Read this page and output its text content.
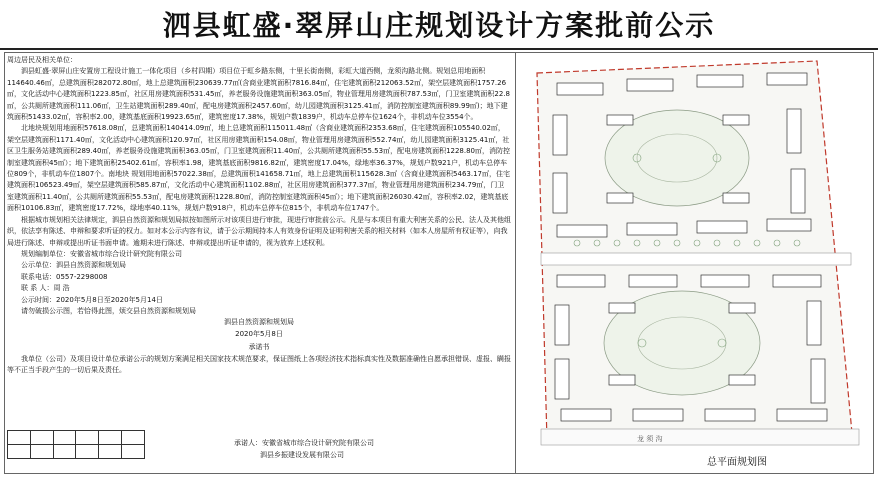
泗县虹盛·翠屏山庄规划设计方案批前公示

周边居民及相关单位：

泗县虹盛·翠屏山庄安置房工程设计施工一体化项目（乡村四期）项目位于虹乡路东侧，十里长街南侧，彩虹大道西侧，龙须沟路北侧。规划总用地面积114640.46㎡，总建筑面积282072.80㎡，地上总建筑面积230639.77㎡(含商业建筑面积7816.84㎡，住宅建筑面积212063.52㎡，架空层建筑面积1757.26㎡，文化活动中心建筑面积1223.85㎡，社区用房建筑面积531.45㎡，养老服务设施建筑面积363.05㎡，物业管理用房建筑面积787.53㎡，门卫室建筑面积22.8㎡，公共厕所建筑面积111.06㎡，卫生站建筑面积289.40㎡，配电房建筑面积2457.60㎡，幼儿园建筑面积3125.41㎡，消防控制室建筑面积89.99㎡)；地下建筑面积51433.02㎡，容积率2.00，建筑基底面积19923.65㎡，建筑密度17.38%，规划户数1839户，机动车总停车位1624个，非机动车位3554个。

北地块规划用地面积57618.08㎡，总建筑面积140414.09㎡，地上总建筑面积115011.48㎡（含商业建筑面积2353.68㎡，住宅建筑面积105540.02㎡，架空层建筑面积1171.40㎡，文化活动中心建筑面积120.97㎡，社区用房建筑面积154.08㎡，物业管理用房建筑面积552.74㎡，幼儿园建筑面积3125.41㎡，社区卫生服务站建筑面积289.40㎡，养老服务设施建筑面积363.05㎡，门卫室建筑面积11.40㎡，公共厕所建筑面积55.53㎡，配电房建筑面积1228.80㎡，消防控制室建筑面积45㎡）；地下建筑面积25402.61㎡，容积率1.98，建筑基底面积9816.82㎡，建筑密度17.04%，绿地率36.37%，规划户数921户，机动车总停车位809个，非机动车位1807个。南地块 规划用地面积57022.38㎡，总建筑面积141658.71㎡，地上总建筑面积115628.3㎡（含商业建筑面积5463.17㎡，住宅建筑面积106523.49㎡，架空层建筑面积585.87㎡，文化活动中心建筑面积1102.88㎡，社区用房建筑面积377.37㎡，物业管理用房建筑面积234.79㎡，门卫室建筑面积11.40㎡，公共厕所建筑面积55.53㎡，配电房建筑面积1228.80㎡，消防控制室建筑面积45㎡）；地下建筑面积26030.42㎡，容积率2.02，建筑基底面积10106.83㎡，建筑密度17.72%，绿地率40.11%，规划户数918户，机动车总停车位815个，非机动车位1747个。

根据城市规划相关法律规定，泗县自然资源和规划局拟按如图所示对该项目进行审批，现进行审批前公示。凡是与本项目有重大利害关系的公民、法人及其他组织，依法享有陈述、申辩和要求听证的权力。如对本公示内容有议，请于公示期间持本人有效身份证明及证明利害关系的相关材料（如本人房屋所有权证等），向我局进行陈述、申辩或提出听证书面申请。逾期未进行陈述、申辩或提出听证申请的，视为放弃上述权利。

规划编制单位：安徽省城市综合设计研究院有限公司

公示单位：泗县自然资源和规划局

联系电话：0557-2298008

联 系 人：周 浩

公示时间：2020年5月8日至2020年5月14日

请勿破损公示图，若恰得此图，烦交县自然资源和规划局

泗县自然资源和规划局

2020年5月8日

承诺书

我单位（公司）及项目设计单位承诺公示的规划方案满足相关国家技术规范要求，保证图纸上各项经济技术指标真实性及数据准确性自愿承担错误、虚报、瞒报等不正当手段产生的一切后果及责任。

承诺人：安徽省城市综合设计研究院有限公司

泗县乡振建设发展有限公司

龙 须 沟
总平面规划图
